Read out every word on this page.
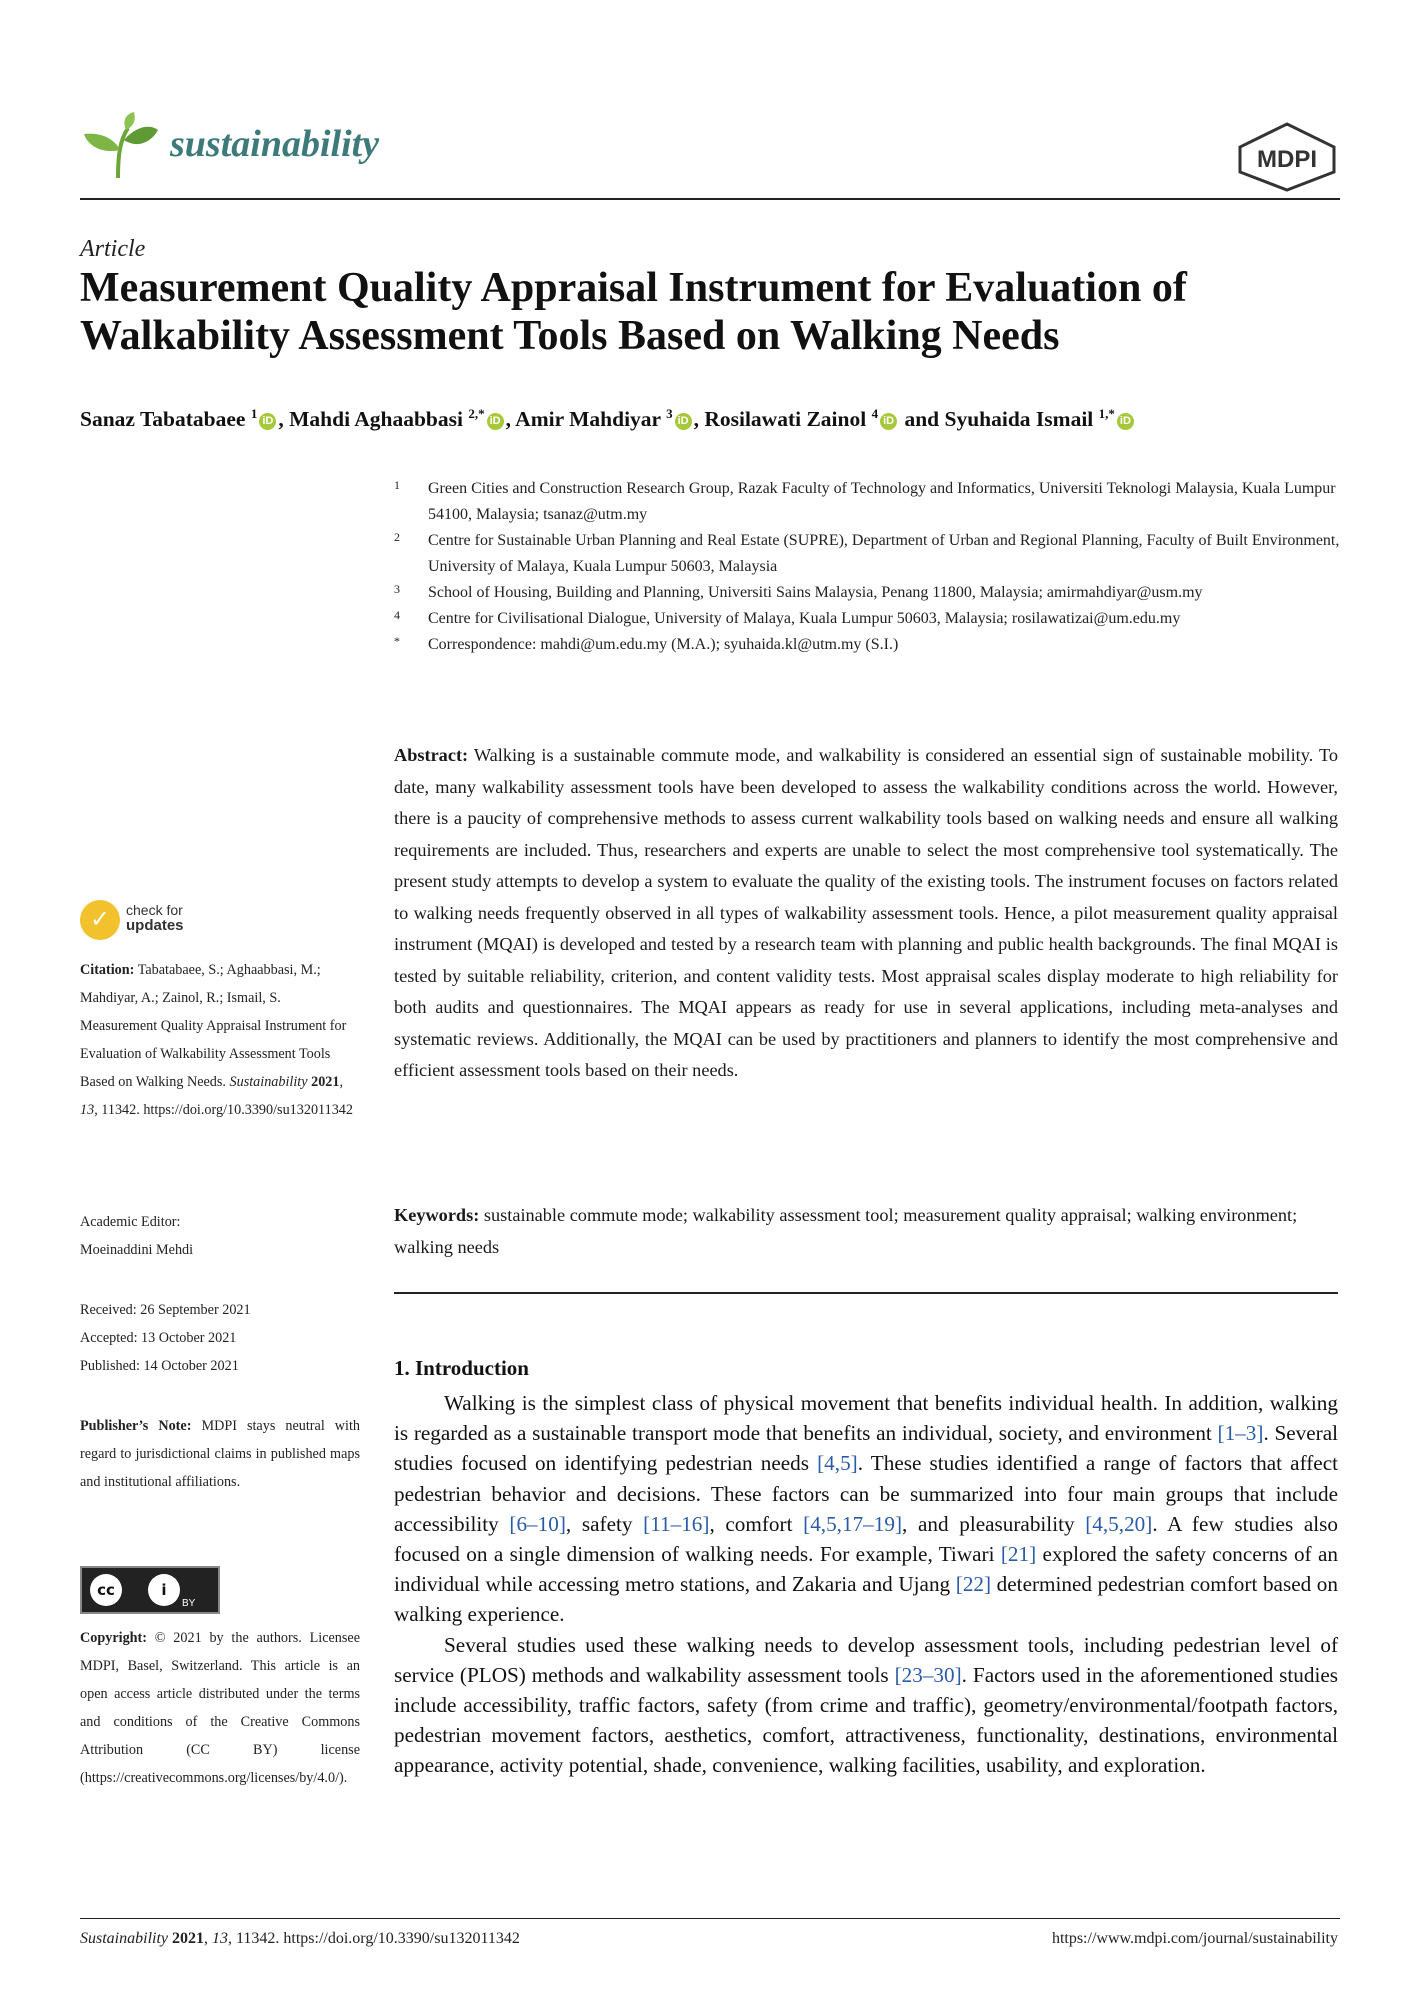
sustainability	MDPI
Article
Measurement Quality Appraisal Instrument for Evaluation of Walkability Assessment Tools Based on Walking Needs
Sanaz Tabatabaee $^1$ iD , Mahdi Aghaabbasi $^{2,*}$ iD , Amir Mahdiyar $^3$ iD , Rosilawati Zainol $^4$ iD and Syuhaida Ismail $^{1,*}$ iD
1 Green Cities and Construction Research Group, Razak Faculty of Technology and Informatics, Universiti Teknologi Malaysia, Kuala Lumpur 54100, Malaysia; tsanaz@utm.my
2 Centre for Sustainable Urban Planning and Real Estate (SUPRE), Department of Urban and Regional Planning, Faculty of Built Environment, University of Malaya, Kuala Lumpur 50603, Malaysia
3 School of Housing, Building and Planning, Universiti Sains Malaysia, Penang 11800, Malaysia; amirmahdiyar@usm.my
4 Centre for Civilisational Dialogue, University of Malaya, Kuala Lumpur 50603, Malaysia; rosilawatizai@um.edu.my
* Correspondence: mahdi@um.edu.my (M.A.); syuhaida.kl@utm.my (S.I.)
Abstract: Walking is a sustainable commute mode, and walkability is considered an essential sign of sustainable mobility. To date, many walkability assessment tools have been developed to assess the walkability conditions across the world. However, there is a paucity of comprehensive methods to assess current walkability tools based on walking needs and ensure all walking requirements are included. Thus, researchers and experts are unable to select the most comprehensive tool systematically. The present study attempts to develop a system to evaluate the quality of the existing tools. The instrument focuses on factors related to walking needs frequently observed in all types of walkability assessment tools. Hence, a pilot measurement quality appraisal instrument (MQAI) is developed and tested by a research team with planning and public health backgrounds. The final MQAI is tested by suitable reliability, criterion, and content validity tests. Most appraisal scales display moderate to high reliability for both audits and questionnaires. The MQAI appears as ready for use in several applications, including meta-analyses and systematic reviews. Additionally, the MQAI can be used by practitioners and planners to identify the most comprehensive and efficient assessment tools based on their needs.
Keywords: sustainable commute mode; walkability assessment tool; measurement quality appraisal; walking environment; walking needs
1. Introduction

Walking is the simplest class of physical movement that benefits individual health. In addition, walking is regarded as a sustainable transport mode that benefits an individual, society, and environment [1–3]. Several studies focused on identifying pedestrian needs [4,5]. These studies identified a range of factors that affect pedestrian behavior and decisions. These factors can be summarized into four main groups that include accessibility [6–10], safety [11–16], comfort [4,5,17–19], and pleasurability [4,5,20]. A few studies also focused on a single dimension of walking needs. For example, Tiwari [21] explored the safety concerns of an individual while accessing metro stations, and Zakaria and Ujang [22] determined pedestrian comfort based on walking experience.

Several studies used these walking needs to develop assessment tools, including pedestrian level of service (PLOS) methods and walkability assessment tools [23–30]. Factors used in the aforementioned studies include accessibility, traffic factors, safety (from crime and traffic), geometry/environmental/footpath factors, pedestrian movement factors, aesthetics, comfort, attractiveness, functionality, destinations, environmental appearance, activity potential, shade, convenience, walking facilities, usability, and exploration.

✓ check for
updates
Citation: Tabatabaee, S.; Aghaabbasi, M.; Mahdiyar, A.; Zainol, R.; Ismail, S. Measurement Quality Appraisal Instrument for Evaluation of Walkability Assessment Tools Based on Walking Needs. Sustainability 2021, 13, 11342. https://doi.org/10.3390/su132011342
Academic Editor:
Moeinaddini Mehdi
Received: 26 September 2021
Accepted: 13 October 2021
Published: 14 October 2021
Publisher’s Note: MDPI stays neutral with regard to jurisdictional claims in published maps and institutional affiliations.
cc	i
BY
Copyright: © 2021 by the authors. Licensee MDPI, Basel, Switzerland. This article is an open access article distributed under the terms and conditions of the Creative Commons Attribution (CC BY) license (https://creativecommons.org/licenses/by/4.0/).
Sustainability 2021, 13, 11342. https://doi.org/10.3390/su132011342	https://www.mdpi.com/journal/sustainability
